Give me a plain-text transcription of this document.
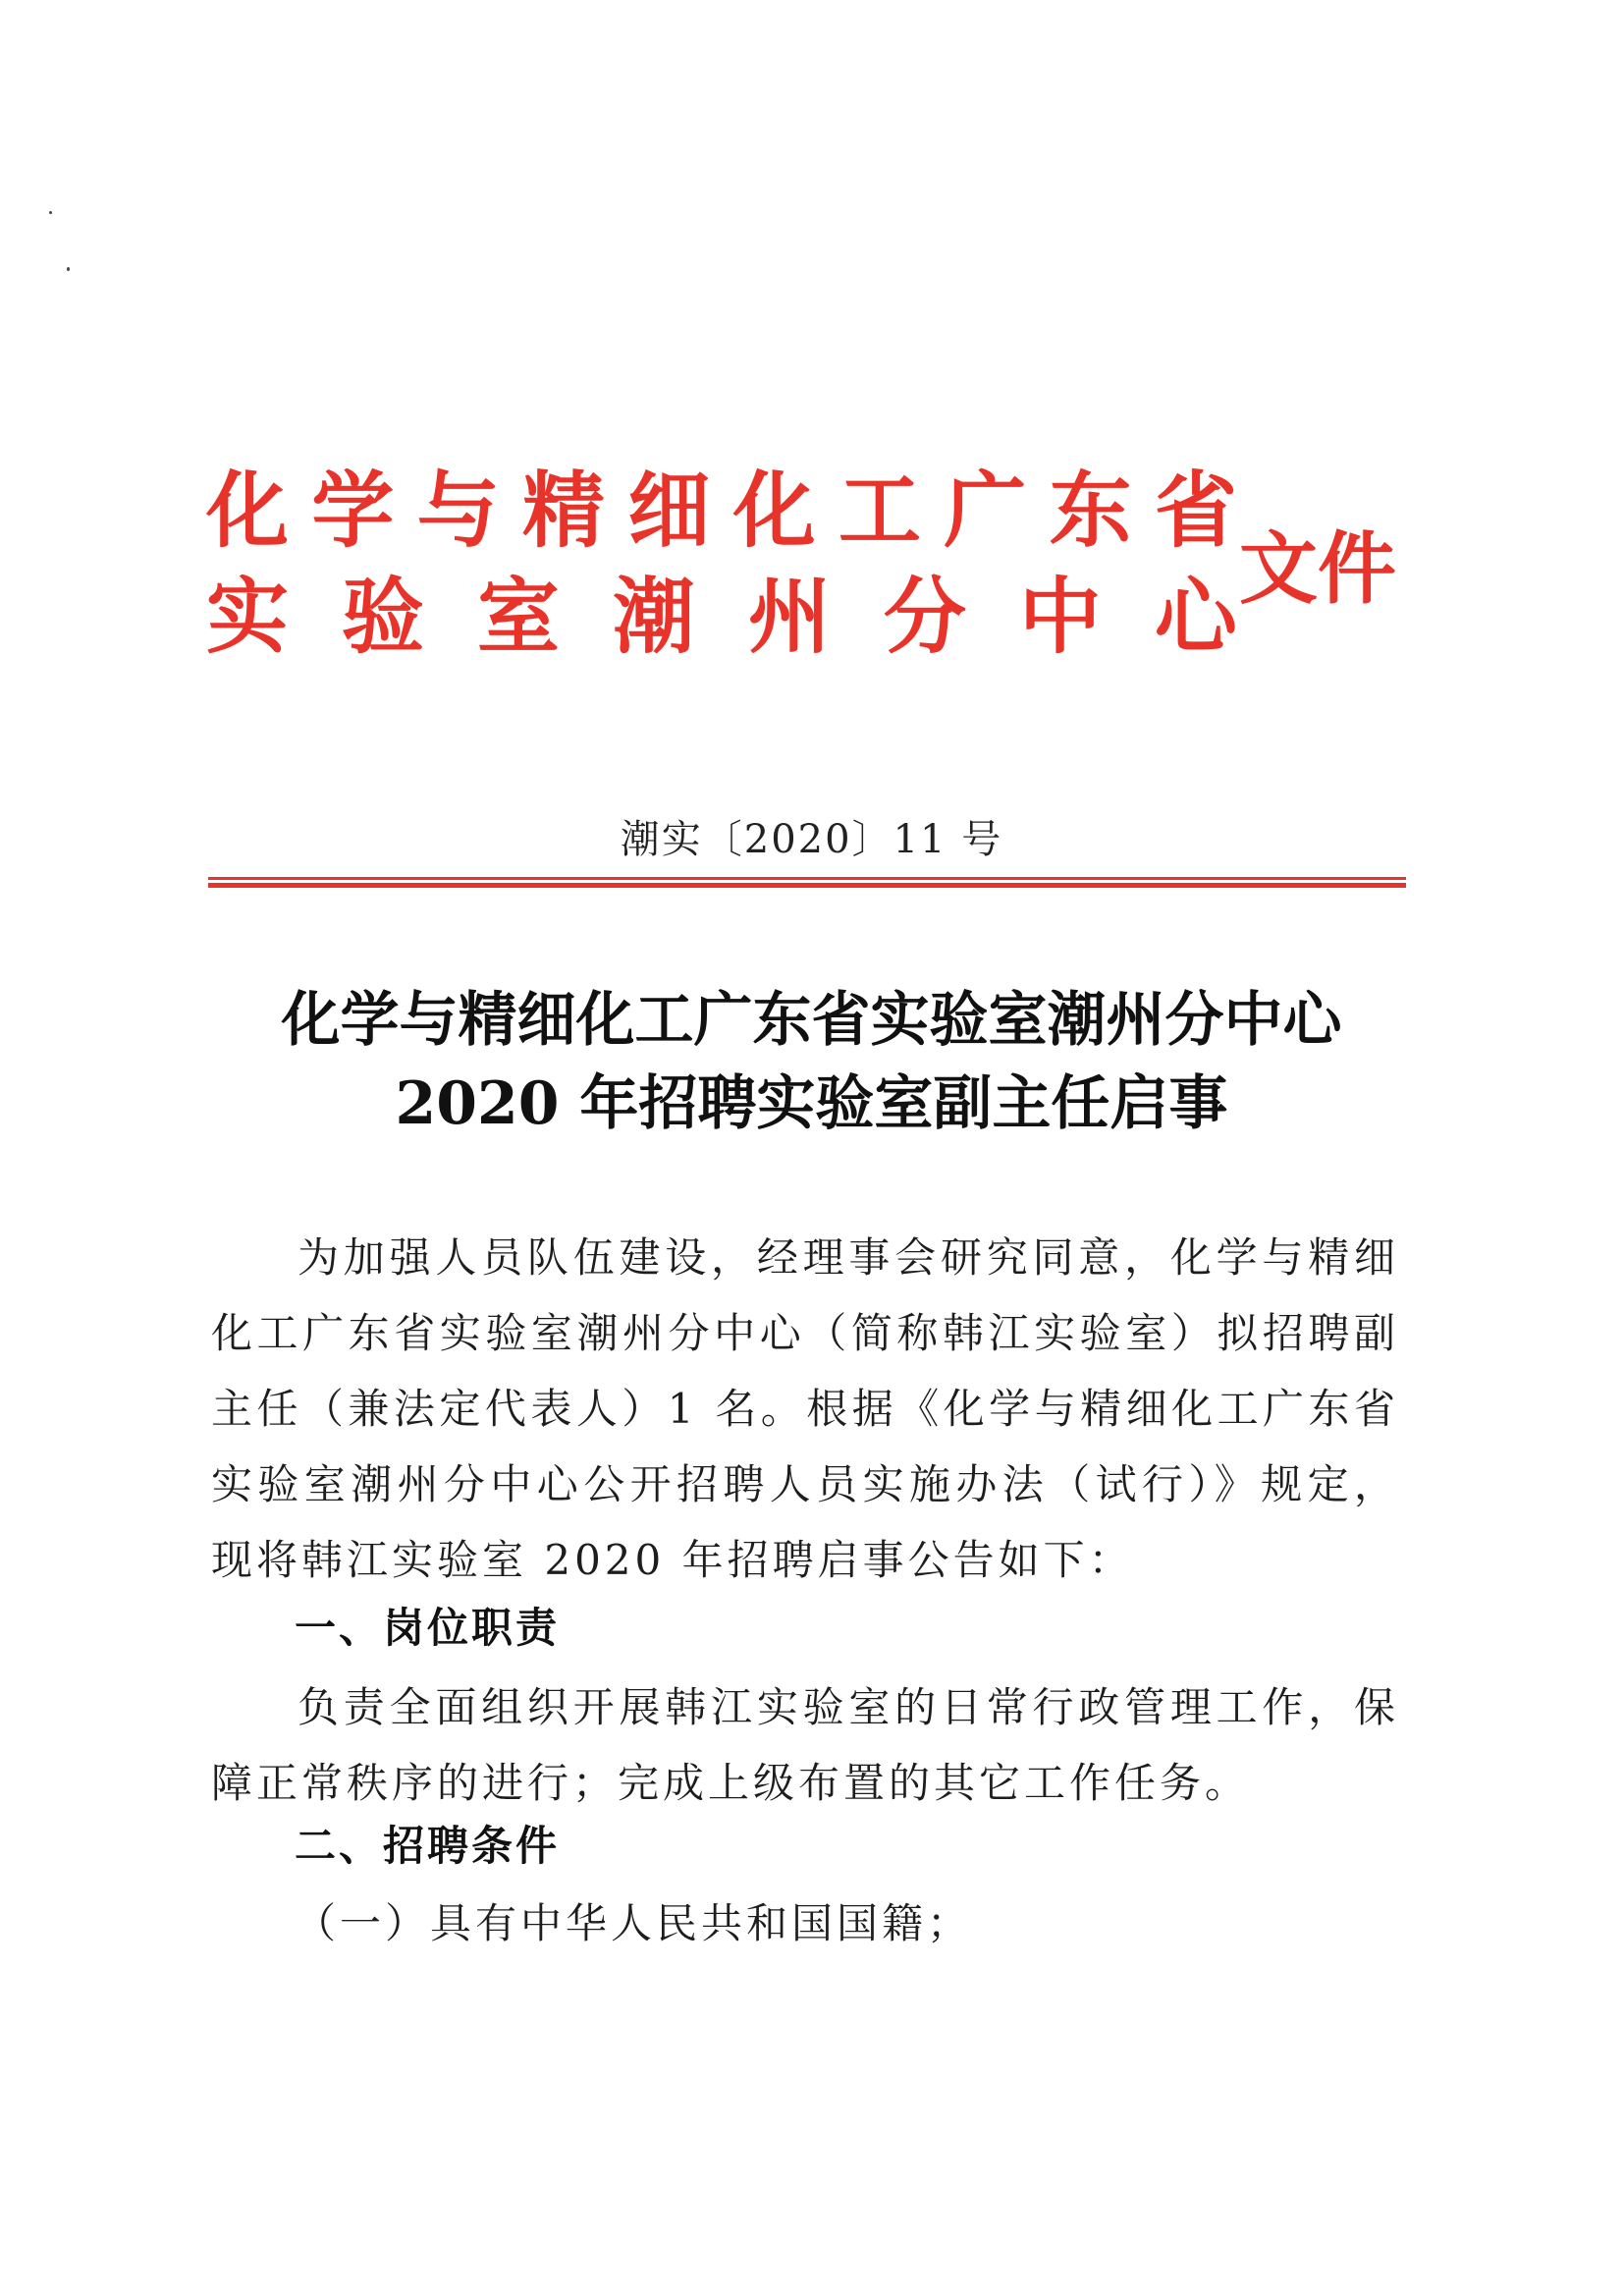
化 学 与 精 细 化 工 广 东 省
实 验 室 潮 州 分 中 心 文件
潮实〔2020〕11 号
化学与精细化工广东省实验室潮州分中心
2020 年招聘实验室副主任启事
为加强人员队伍建设，经理事会研究同意，化学与精细化工广东省实验室潮州分中心（简称韩江实验室）拟招聘副主任（兼法定代表人）1 名。根据《化学与精细化工广东省实验室潮州分中心公开招聘人员实施办法（试行）》规定，现将韩江实验室 2020 年招聘启事公告如下：
一、岗位职责
负责全面组织开展韩江实验室的日常行政管理工作，保障正常秩序的进行；完成上级布置的其它工作任务。
二、招聘条件
（一）具有中华人民共和国国籍；
